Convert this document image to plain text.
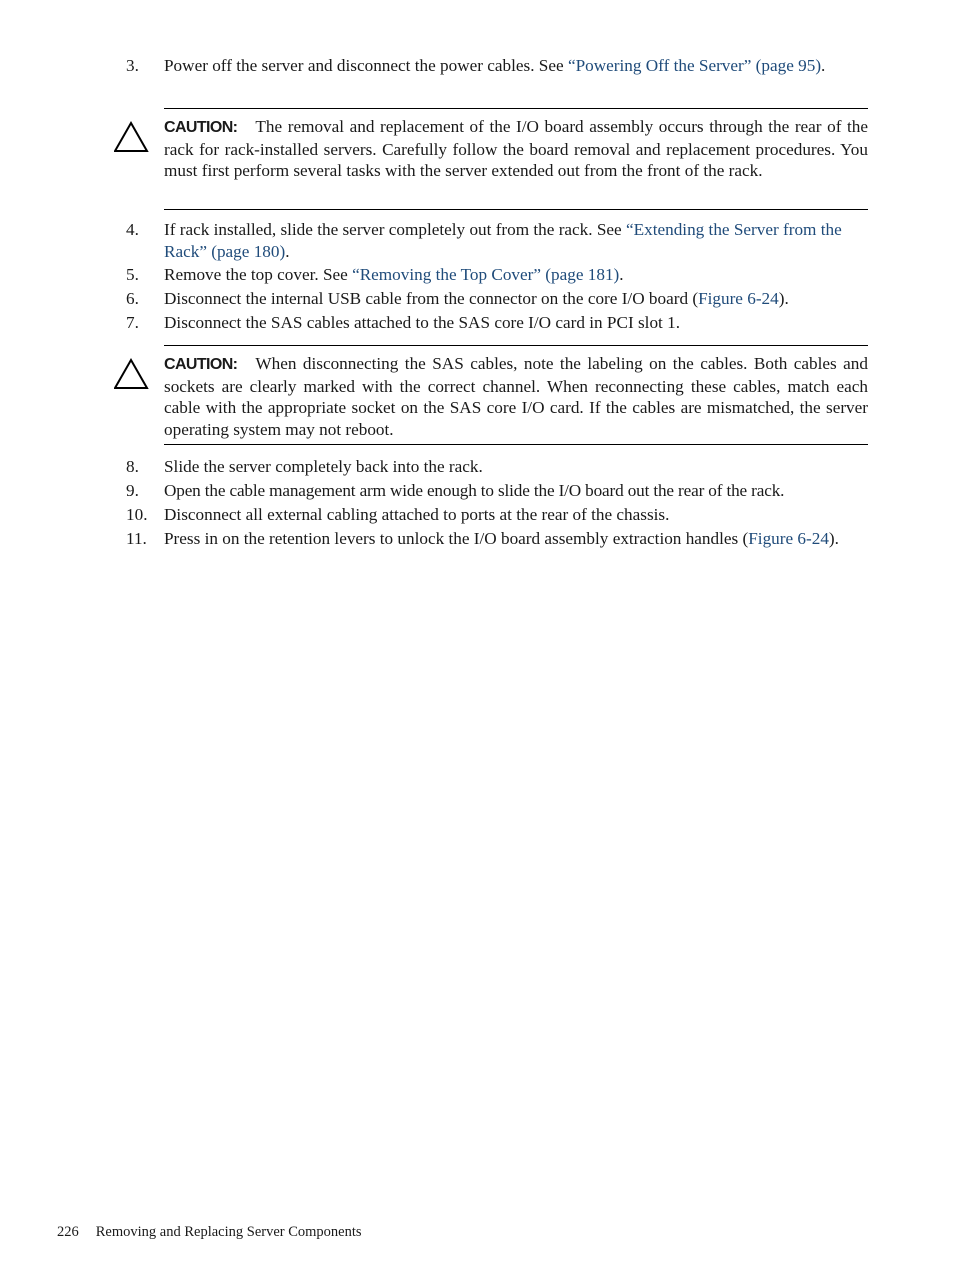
3.	Power off the server and disconnect the power cables. See “Powering Off the Server” (page 95).
CAUTION: The removal and replacement of the I/O board assembly occurs through the rear of the rack for rack-installed servers. Carefully follow the board removal and replacement procedures. You must first perform several tasks with the server extended out from the front of the rack.
4.	If rack installed, slide the server completely out from the rack. See “Extending the Server from the Rack” (page 180).
5.	Remove the top cover. See “Removing the Top Cover” (page 181).
6.	Disconnect the internal USB cable from the connector on the core I/O board (Figure 6-24).
7.	Disconnect the SAS cables attached to the SAS core I/O card in PCI slot 1.
CAUTION: When disconnecting the SAS cables, note the labeling on the cables. Both cables and sockets are clearly marked with the correct channel. When reconnecting these cables, match each cable with the appropriate socket on the SAS core I/O card. If the cables are mismatched, the server operating system may not reboot.
8.	Slide the server completely back into the rack.
9.	Open the cable management arm wide enough to slide the I/O board out the rear of the rack.
10. Disconnect all external cabling attached to ports at the rear of the chassis.
11. Press in on the retention levers to unlock the I/O board assembly extraction handles (Figure 6-24).
226 Removing and Replacing Server Components
